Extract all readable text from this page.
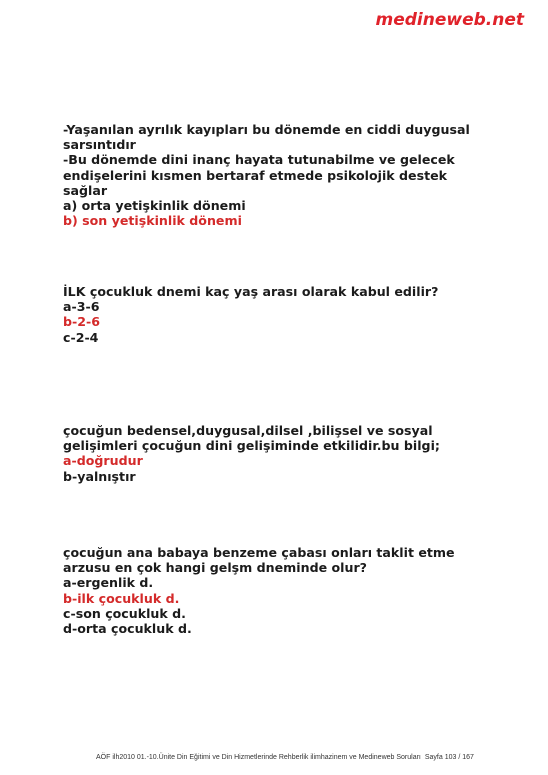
medineweb.net
-Yaşanılan ayrılık kayıpları bu dönemde en ciddi duygusal
sarsıntıdır
-Bu dönemde dini inanç hayata tutunabilme ve gelecek
endişelerini kısmen bertaraf etmede psikolojik destek
sağlar
a) orta yetişkinlik dönemi
b) son yetişkinlik dönemi
İLK çocukluk dnemi kaç yaş arası olarak kabul edilir?
a-3-6
b-2-6
c-2-4
çocuğun bedensel,duygusal,dilsel ,bilişsel ve sosyal
gelişimleri çocuğun dini gelişiminde etkilidir.bu bilgi;
a-doğrudur
b-yalnıştır
çocuğun ana babaya benzeme çabası onları taklit etme
arzusu en çok hangi gelşm dneminde olur?
a-ergenlik d.
b-ilk çocukluk d.
c-son çocukluk d.
d-orta çocukluk d.
AÖF ilh2010 01.-10.Ünite Din Eğitimi ve Din Hizmetlerinde Rehberlik ilimhazinem ve Medineweb Soruları Sayfa 103 / 167
